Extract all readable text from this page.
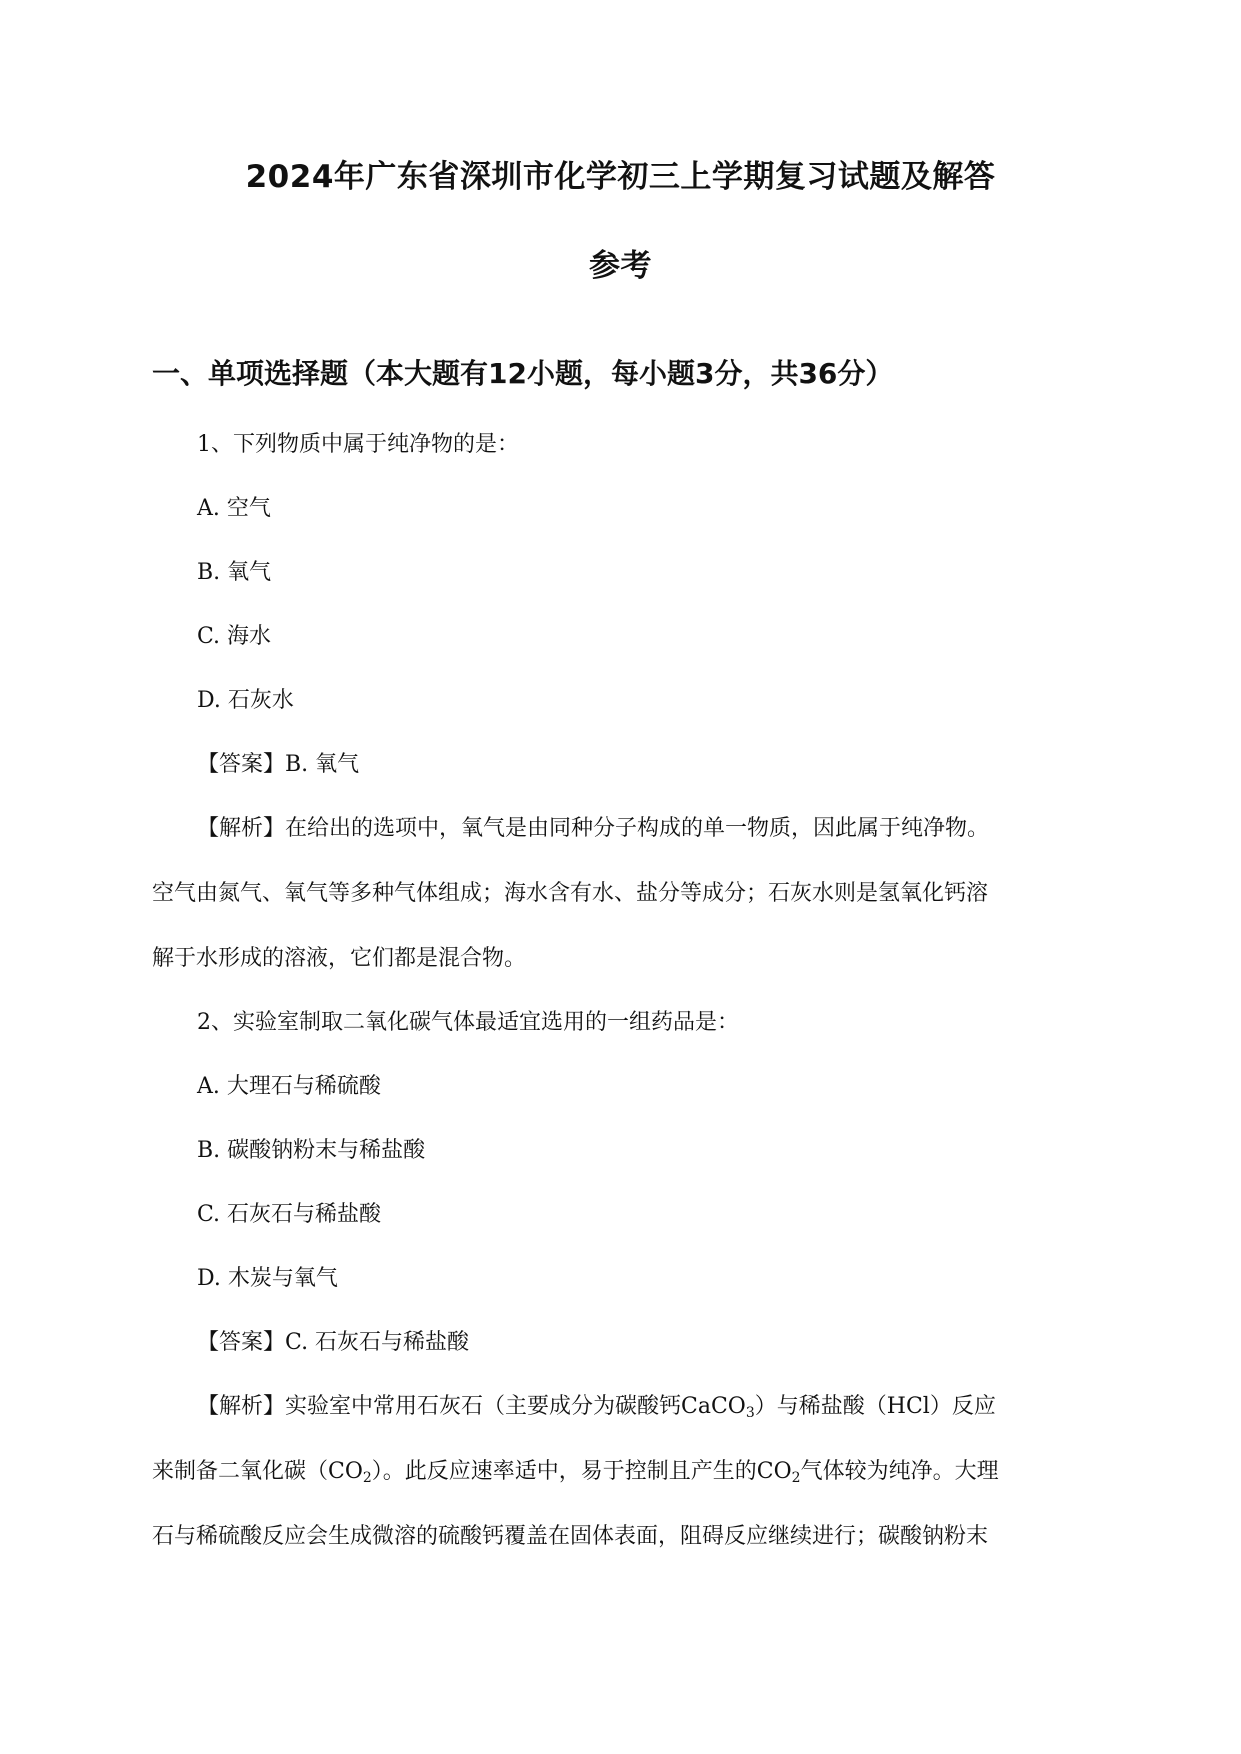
2024年广东省深圳市化学初三上学期复习试题及解答
参考
一、单项选择题（本大题有12小题，每小题3分，共36分）

1、下列物质中属于纯净物的是：

A. 空气

B. 氧气

C. 海水

D. 石灰水

【答案】B. 氧气

【解析】在给出的选项中，氧气是由同种分子构成的单一物质，因此属于纯净物。
空气由氮气、氧气等多种气体组成；海水含有水、盐分等成分；石灰水则是氢氧化钙溶
解于水形成的溶液，它们都是混合物。

2、实验室制取二氧化碳气体最适宜选用的一组药品是：

A. 大理石与稀硫酸

B. 碳酸钠粉末与稀盐酸

C. 石灰石与稀盐酸

D. 木炭与氧气

【答案】C. 石灰石与稀盐酸

【解析】实验室中常用石灰石（主要成分为碳酸钙CaCO$_3$）与稀盐酸（HCl）反应
来制备二氧化碳$(CO_2)$。此反应速率适中，易于控制且产生的$CO_2$气体较为纯净。大理
石与稀硫酸反应会生成微溶的硫酸钙覆盖在固体表面，阻碍反应继续进行；碳酸钠粉末
